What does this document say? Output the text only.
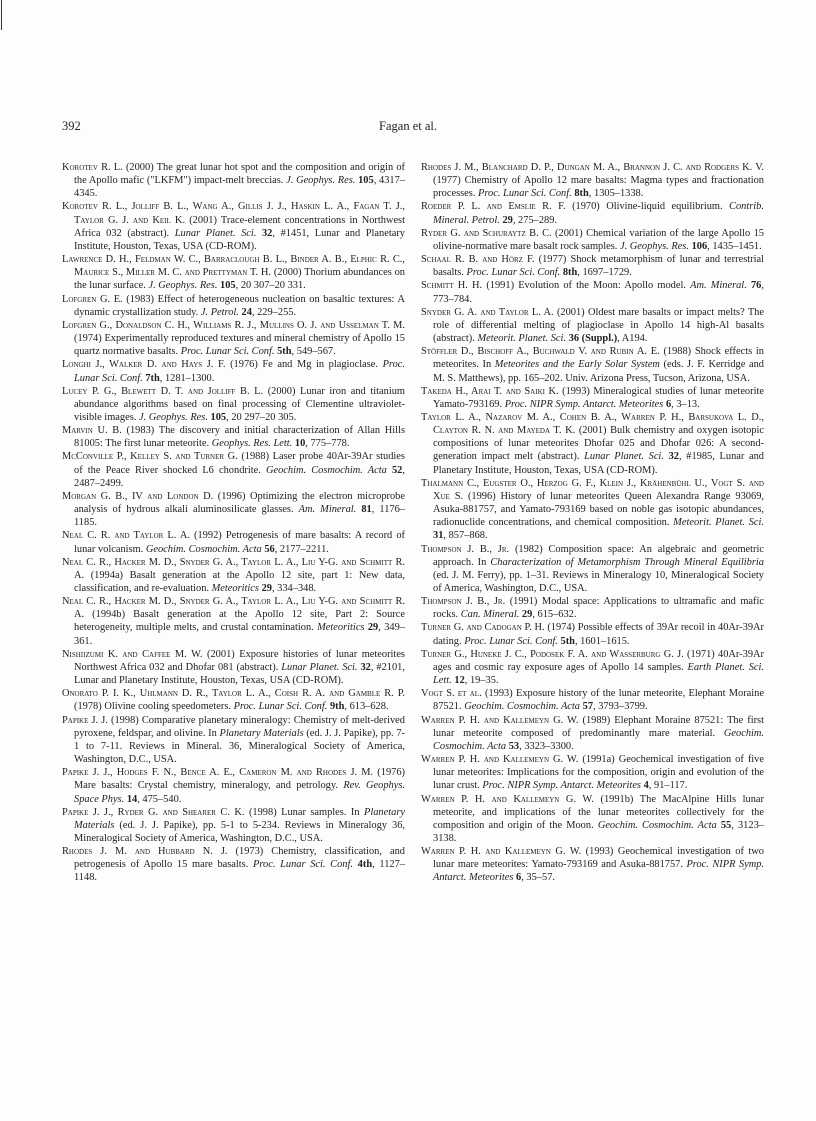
392	Fagan et al.

Korotev R. L. (2000) The great lunar hot spot and the composition and origin of the Apollo mafic ("LKFM") impact-melt breccias. J. Geophys. Res. 105, 4317–4345.

Korotev R. L., Jolliff B. L., Wang A., Gillis J. J., Haskin L. A., Fagan T. J., Taylor G. J. and Keil K. (2001) Trace-element concentrations in Northwest Africa 032 (abstract). Lunar Planet. Sci. 32, #1451, Lunar and Planetary Institute, Houston, Texas, USA (CD-ROM).

Lawrence D. H., Feldman W. C., Barraclough B. L., Binder A. B., Elphic R. C., Maurice S., Miller M. C. and Prettyman T. H. (2000) Thorium abundances on the lunar surface. J. Geophys. Res. 105, 20 307–20 331.

Lofgren G. E. (1983) Effect of heterogeneous nucleation on basaltic textures: A dynamic crystallization study. J. Petrol. 24, 229–255.

Lofgren G., Donaldson C. H., Williams R. J., Mullins O. J. and Usselman T. M. (1974) Experimentally reproduced textures and mineral chemistry of Apollo 15 quartz normative basalts. Proc. Lunar Sci. Conf. 5th, 549–567.

Longhi J., Walker D. and Hays J. F. (1976) Fe and Mg in plagioclase. Proc. Lunar Sci. Conf. 7th, 1281–1300.

Lucey P. G., Blewett D. T. and Jolliff B. L. (2000) Lunar iron and titanium abundance algorithms based on final processing of Clementine ultraviolet-visible images. J. Geophys. Res. 105, 20 297–20 305.

Marvin U. B. (1983) The discovery and initial characterization of Allan Hills 81005: The first lunar meteorite. Geophys. Res. Lett. 10, 775–778.

McConville P., Kelley S. and Turner G. (1988) Laser probe 40Ar-39Ar studies of the Peace River shocked L6 chondrite. Geochim. Cosmochim. Acta 52, 2487–2499.

Morgan G. B., IV and London D. (1996) Optimizing the electron microprobe analysis of hydrous alkali aluminosilicate glasses. Am. Mineral. 81, 1176–1185.

Neal C. R. and Taylor L. A. (1992) Petrogenesis of mare basalts: A record of lunar volcanism. Geochim. Cosmochim. Acta 56, 2177–2211.

Neal C. R., Hacker M. D., Snyder G. A., Taylor L. A., Liu Y-G. and Schmitt R. A. (1994a) Basalt generation at the Apollo 12 site, part 1: New data, classification, and re-evaluation. Meteoritics 29, 334–348.

Neal C. R., Hacker M. D., Snyder G. A., Taylor L. A., Liu Y-G. and Schmitt R. A. (1994b) Basalt generation at the Apollo 12 site, Part 2: Source heterogeneity, multiple melts, and crustal contamination. Meteoritics 29, 349–361.

Nishiizumi K. and Caffee M. W. (2001) Exposure histories of lunar meteorites Northwest Africa 032 and Dhofar 081 (abstract). Lunar Planet. Sci. 32, #2101, Lunar and Planetary Institute, Houston, Texas, USA (CD-ROM).

Onorato P. I. K., Uhlmann D. R., Taylor L. A., Coish R. A. and Gamble R. P. (1978) Olivine cooling speedometers. Proc. Lunar Sci. Conf. 9th, 613–628.

Papike J. J. (1998) Comparative planetary mineralogy: Chemistry of melt-derived pyroxene, feldspar, and olivine. In Planetary Materials (ed. J. J. Papike), pp. 7-1 to 7-11. Reviews in Mineral. 36, Mineralogical Society of America, Washington, D.C., USA.

Papike J. J., Hodges F. N., Bence A. E., Cameron M. and Rhodes J. M. (1976) Mare basalts: Crystal chemistry, mineralogy, and petrology. Rev. Geophys. Space Phys. 14, 475–540.

Papike J. J., Ryder G. and Shearer C. K. (1998) Lunar samples. In Planetary Materials (ed. J. J. Papike), pp. 5-1 to 5-234. Reviews in Mineralogy 36, Mineralogical Society of America, Washington, D.C., USA.

Rhodes J. M. and Hubbard N. J. (1973) Chemistry, classification, and petrogenesis of Apollo 15 mare basalts. Proc. Lunar Sci. Conf. 4th, 1127–1148.

Rhodes J. M., Blanchard D. P., Dungan M. A., Brannon J. C. and Rodgers K. V. (1977) Chemistry of Apollo 12 mare basalts: Magma types and fractionation processes. Proc. Lunar Sci. Conf. 8th, 1305–1338.

Roeder P. L. and Emslie R. F. (1970) Olivine-liquid equilibrium. Contrib. Mineral. Petrol. 29, 275–289.

Ryder G. and Schuraytz B. C. (2001) Chemical variation of the large Apollo 15 olivine-normative mare basalt rock samples. J. Geophys. Res. 106, 1435–1451.

Schaal R. B. and Hörz F. (1977) Shock metamorphism of lunar and terrestrial basalts. Proc. Lunar Sci. Conf. 8th, 1697–1729.

Schmitt H. H. (1991) Evolution of the Moon: Apollo model. Am. Mineral. 76, 773–784.

Snyder G. A. and Taylor L. A. (2001) Oldest mare basalts or impact melts? The role of differential melting of plagioclase in Apollo 14 high-Al basalts (abstract). Meteorit. Planet. Sci. 36 (Suppl.), A194.

Stöffler D., Bischoff A., Buchwald V. and Rubin A. E. (1988) Shock effects in meteorites. In Meteorites and the Early Solar System (eds. J. F. Kerridge and M. S. Matthews), pp. 165–202. Univ. Arizona Press, Tucson, Arizona, USA.

Takeda H., Arai T. and Saiki K. (1993) Mineralogical studies of lunar meteorite Yamato-793169. Proc. NIPR Symp. Antarct. Meteorites 6, 3–13.

Taylor L. A., Nazarov M. A., Cohen B. A., Warren P. H., Barsukova L. D., Clayton R. N. and Mayeda T. K. (2001) Bulk chemistry and oxygen isotopic compositions of lunar meteorites Dhofar 025 and Dhofar 026: A second-generation impact melt (abstract). Lunar Planet. Sci. 32, #1985, Lunar and Planetary Institute, Houston, Texas, USA (CD-ROM).

Thalmann C., Eugster O., Herzog G. F., Klein J., Krähenbühl U., Vogt S. and Xue S. (1996) History of lunar meteorites Queen Alexandra Range 93069, Asuka-881757, and Yamato-793169 based on noble gas isotopic abundances, radionuclide concentrations, and chemical composition. Meteorit. Planet. Sci. 31, 857–868.

Thompson J. B., Jr. (1982) Composition space: An algebraic and geometric approach. In Characterization of Metamorphism Through Mineral Equilibria (ed. J. M. Ferry), pp. 1–31. Reviews in Mineralogy 10, Mineralogical Society of America, Washington, D.C., USA.

Thompson J. B., Jr. (1991) Modal space: Applications to ultramafic and mafic rocks. Can. Mineral. 29, 615–632.

Turner G. and Cadogan P. H. (1974) Possible effects of 39Ar recoil in 40Ar-39Ar dating. Proc. Lunar Sci. Conf. 5th, 1601–1615.

Turner G., Huneke J. C., Podosek F. A. and Wasserburg G. J. (1971) 40Ar-39Ar ages and cosmic ray exposure ages of Apollo 14 samples. Earth Planet. Sci. Lett. 12, 19–35.

Vogt S. et al. (1993) Exposure history of the lunar meteorite, Elephant Moraine 87521. Geochim. Cosmochim. Acta 57, 3793–3799.

Warren P. H. and Kallemeyn G. W. (1989) Elephant Moraine 87521: The first lunar meteorite composed of predominantly mare material. Geochim. Cosmochim. Acta 53, 3323–3300.

Warren P. H. and Kallemeyn G. W. (1991a) Geochemical investigation of five lunar meteorites: Implications for the composition, origin and evolution of the lunar crust. Proc. NIPR Symp. Antarct. Meteorites 4, 91–117.

Warren P. H. and Kallemeyn G. W. (1991b) The MacAlpine Hills lunar meteorite, and implications of the lunar meteorites collectively for the composition and origin of the Moon. Geochim. Cosmochim. Acta 55, 3123–3138.

Warren P. H. and Kallemeyn G. W. (1993) Geochemical investigation of two lunar mare meteorites: Yamato-793169 and Asuka-881757. Proc. NIPR Symp. Antarct. Meteorites 6, 35–57.
